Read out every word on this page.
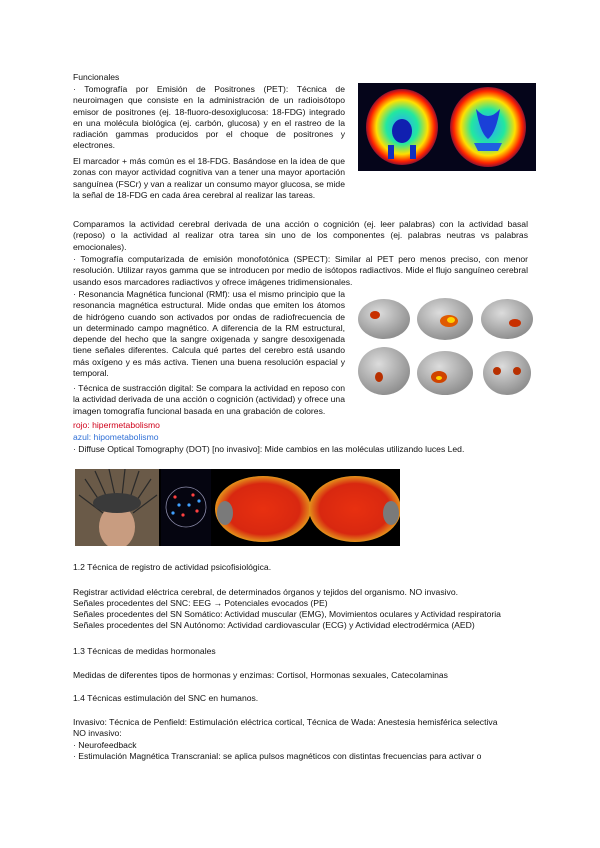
Funcionales
· Tomografía por Emisión de Positrones (PET): Técnica de neuroimagen que consiste en la administración de un radioisótopo emisor de positrones (ej. 18-fluoro-desoxiglucosa: 18-FDG) integrado en una molécula biológica (ej. carbón, glucosa) y en el rastreo de la radiación gammas producidos por el choque de positrones y electrones.
El marcador + más común es el 18-FDG. Basándose en la idea de que zonas con mayor actividad cognitiva van a tener una mayor aportación sanguínea (FSCr) y van a realizar un consumo mayor glucosa, se mide la señal de 18-FDG en cada área cerebral al realizar las tareas.
Comparamos la actividad cerebral derivada de una acción o cognición (ej. leer palabras) con la actividad basal (reposo) o la actividad al realizar otra tarea sin uno de los componentes (ej. palabras neutras vs palabras emocionales).
· Tomografía computarizada de emisión monofotónica (SPECT): Similar al PET pero menos preciso, con menor resolución. Utilizar rayos gamma que se introducen por medio de isótopos radiactivos. Mide el flujo sanguíneo cerebral usando esos marcadores radiactivos y ofrece imágenes tridimensionales.
· Resonancia Magnética funcional (RMf): usa el mismo principio que la resonancia magnética estructural. Mide ondas que emiten los átomos de hidrógeno cuando son activados por ondas de radiofrecuencia de un determinado campo magnético. A diferencia de la RM estructural, depende del hecho que la sangre oxigenada y sangre desoxigenada tiene señales diferentes. Calcula qué partes del cerebro está usando más oxígeno y es más activa. Tienen una buena resolución espacial y temporal.
· Técnica de sustracción digital: Se compara la actividad en reposo con la actividad derivada de una acción o cognición (actividad) y ofrece una imagen tomografía funcional basada en una grabación de colores.
rojo: hipermetabolismo
azul: hipometabolismo
· Diffuse Optical Tomography (DOT) [no invasivo]: Mide cambios en las moléculas utilizando luces Led.
1.2 Técnica de registro de actividad psicofisiológica.
Registrar actividad eléctrica cerebral, de determinados órganos y tejidos del organismo. NO invasivo.
Señales procedentes del SNC: EEG → Potenciales evocados (PE)
Señales procedentes del SN Somático: Actividad muscular (EMG), Movimientos oculares y Actividad respiratoria
Señales procedentes del SN Autónomo: Actividad cardiovascular (ECG) y Actividad electrodérmica (AED)
1.3 Técnicas de medidas hormonales
Medidas de diferentes tipos de hormonas y enzimas: Cortisol, Hormonas sexuales, Catecolaminas
1.4 Técnicas estimulación del SNC en humanos.
Invasivo: Técnica de Penfield: Estimulación eléctrica cortical, Técnica de Wada: Anestesia hemisférica selectiva
NO invasivo:
· Neurofeedback
· Estimulación Magnética Transcranial: se aplica pulsos magnéticos con distintas frecuencias para activar o
